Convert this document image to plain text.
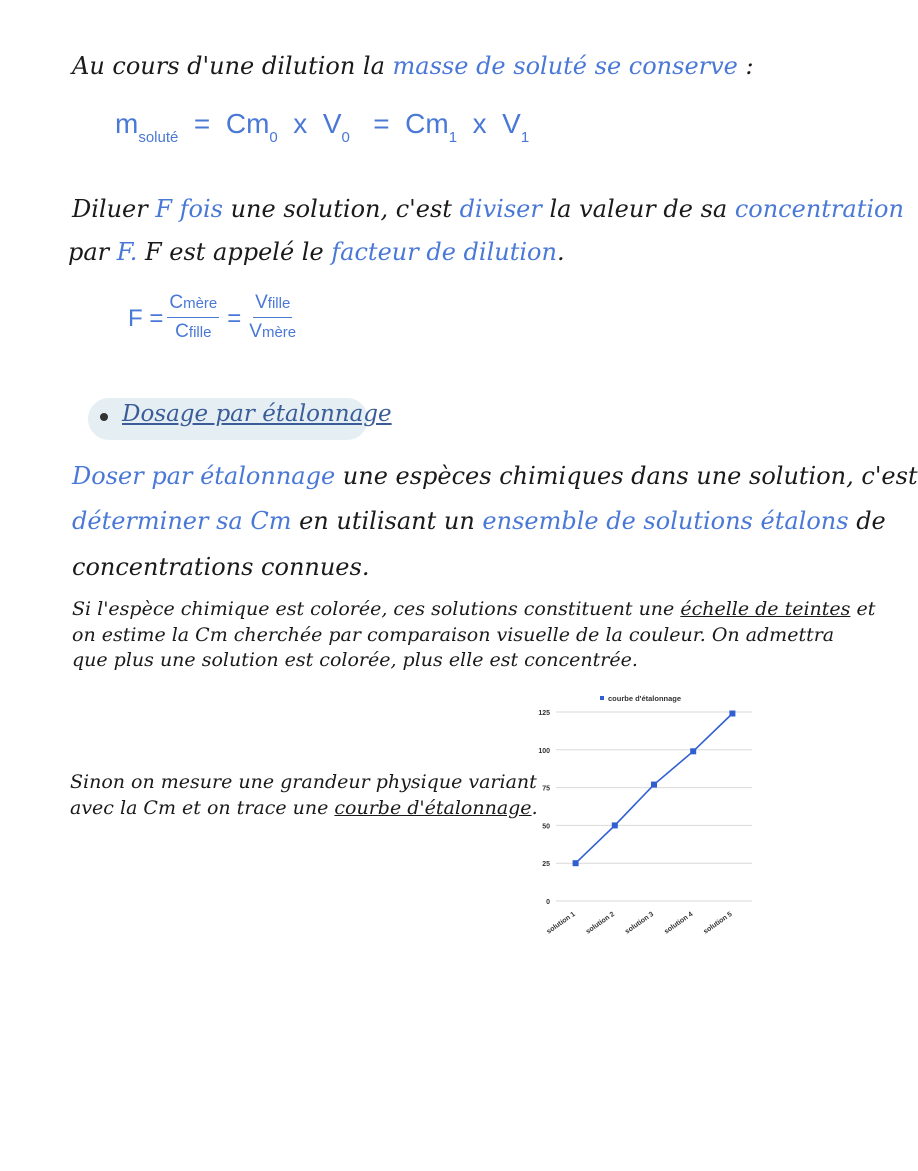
Au cours d'une dilution la masse de soluté se conserve :
$m_{soluté} = Cm_0$ x $V_0 = Cm_1$ x $V_1$
Diluer F fois une solution, c'est diviser la valeur de sa concentration
par F. F est appelé le facteur de dilution.
$F = \frac{\text{Cmère}}{\text{Cfille}} = \frac{\text{Vfille}}{\text{Vmère}}$
Dosage par étalonnage
Doser par étalonnage une espèces chimiques dans une solution, c'est
déterminer sa Cm en utilisant un ensemble de solutions étalons de
concentrations connues.
Si l'espèce chimique est colorée, ces solutions constituent une échelle de teintes et
on estime la Cm cherchée par comparaison visuelle de la couleur. On admettra
que plus une solution est colorée, plus elle est concentrée.
Sinon on mesure une grandeur physique variant
avec la Cm et on trace une courbe d'étalonnage.
0
25
50
75
100
125
solution 1 solution 2 solution 3 solution 4 solution 5
courbe d'étalonnage
